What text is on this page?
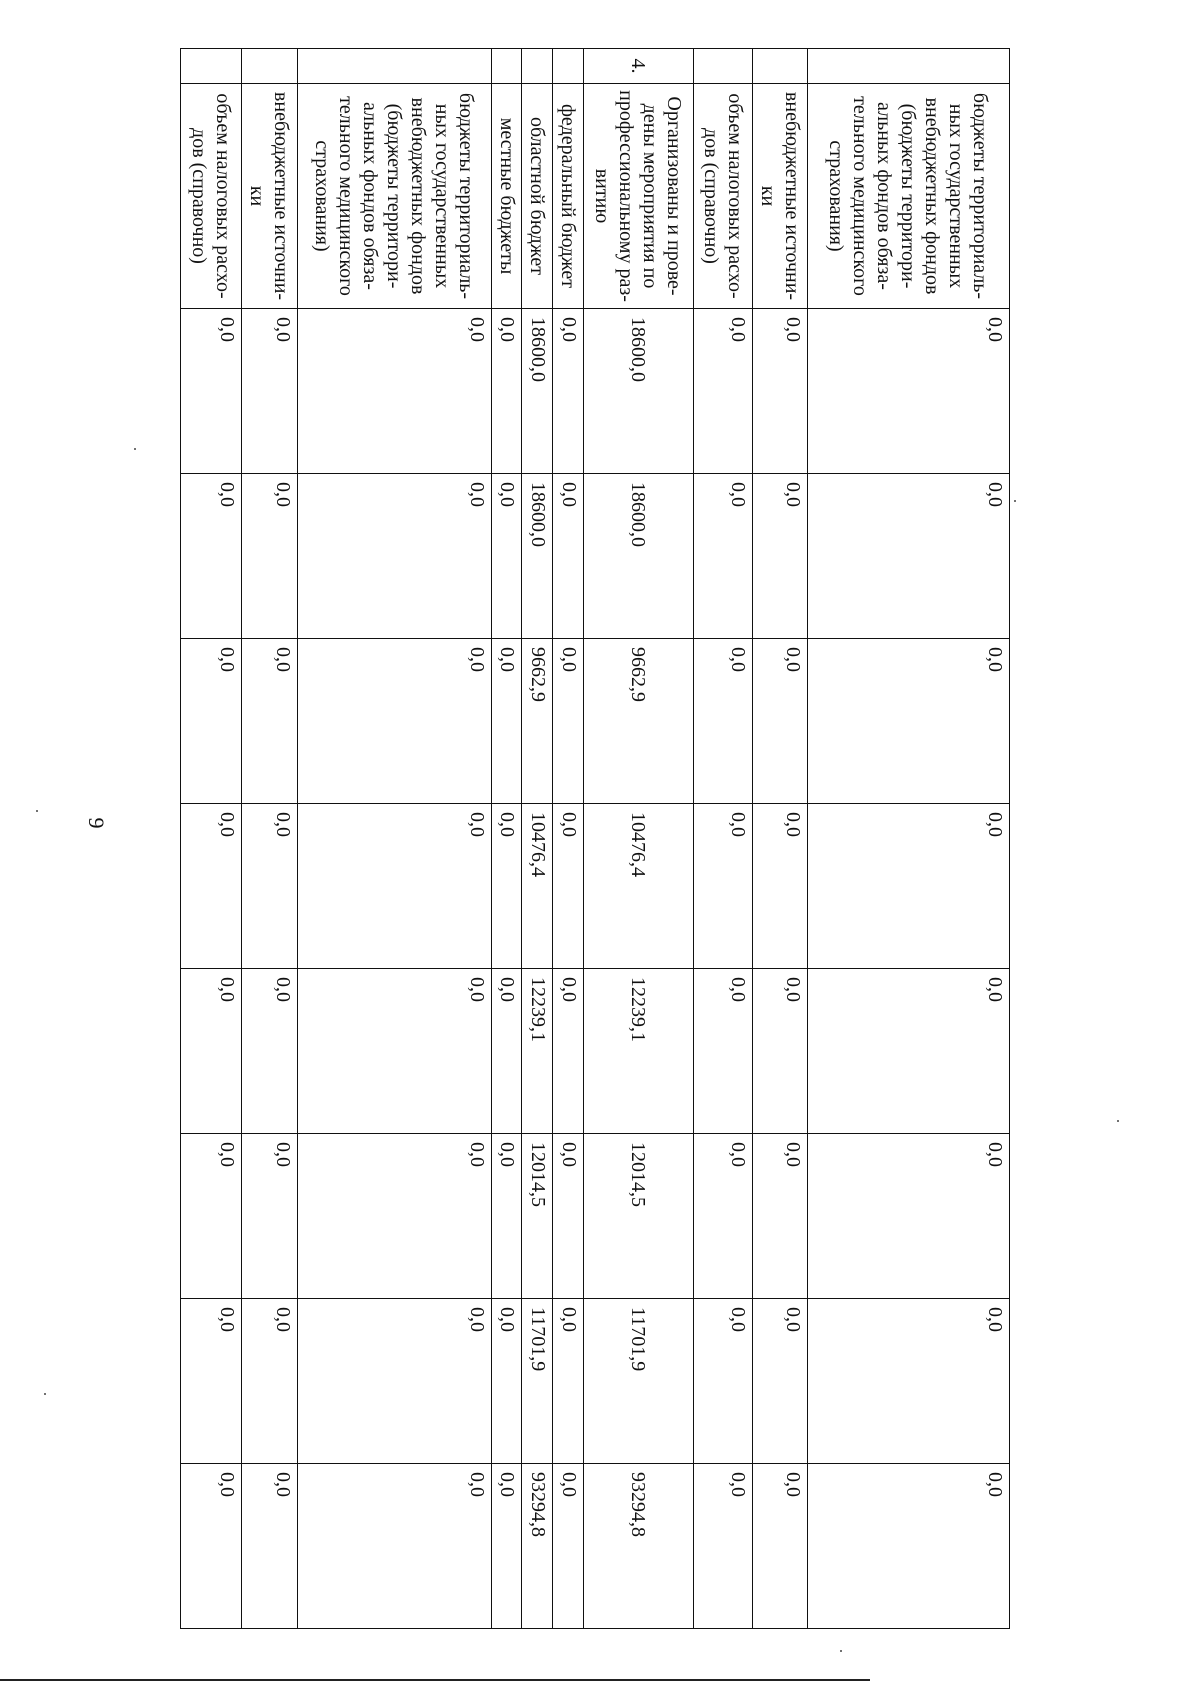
9
	бюджеты территориаль-ных государственных внебюджетных фондов (бюджеты территори-альных фондов обяза-тельного медицинского страхования)	0,0	0,0	0,0	0,0	0,0	0,0	0,0	0,0
	внебюджетные источни-ки	0,0	0,0	0,0	0,0	0,0	0,0	0,0	0,0
	объем налоговых расхо-дов (справочно)	0,0	0,0	0,0	0,0	0,0	0,0	0,0	0,0
4.	Организованы и прове-дены мероприятия по профессиональному раз-витию	18600,0	18600,0	9662,9	10476,4	12239,1	12014,5	11701,9	93294,8
	федеральный бюджет	0,0	0,0	0,0	0,0	0,0	0,0	0,0	0,0
	областной бюджет	18600,0	18600,0	9662,9	10476,4	12239,1	12014,5	11701,9	93294,8
	местные бюджеты	0,0	0,0	0,0	0,0	0,0	0,0	0,0	0,0
	бюджеты территориаль-ных государственных внебюджетных фондов (бюджеты территори-альных фондов обяза-тельного медицинского страхования)	0,0	0,0	0,0	0,0	0,0	0,0	0,0	0,0
	внебюджетные источни-ки	0,0	0,0	0,0	0,0	0,0	0,0	0,0	0,0
	объем налоговых расхо-дов (справочно)	0,0	0,0	0,0	0,0	0,0	0,0	0,0	0,0
